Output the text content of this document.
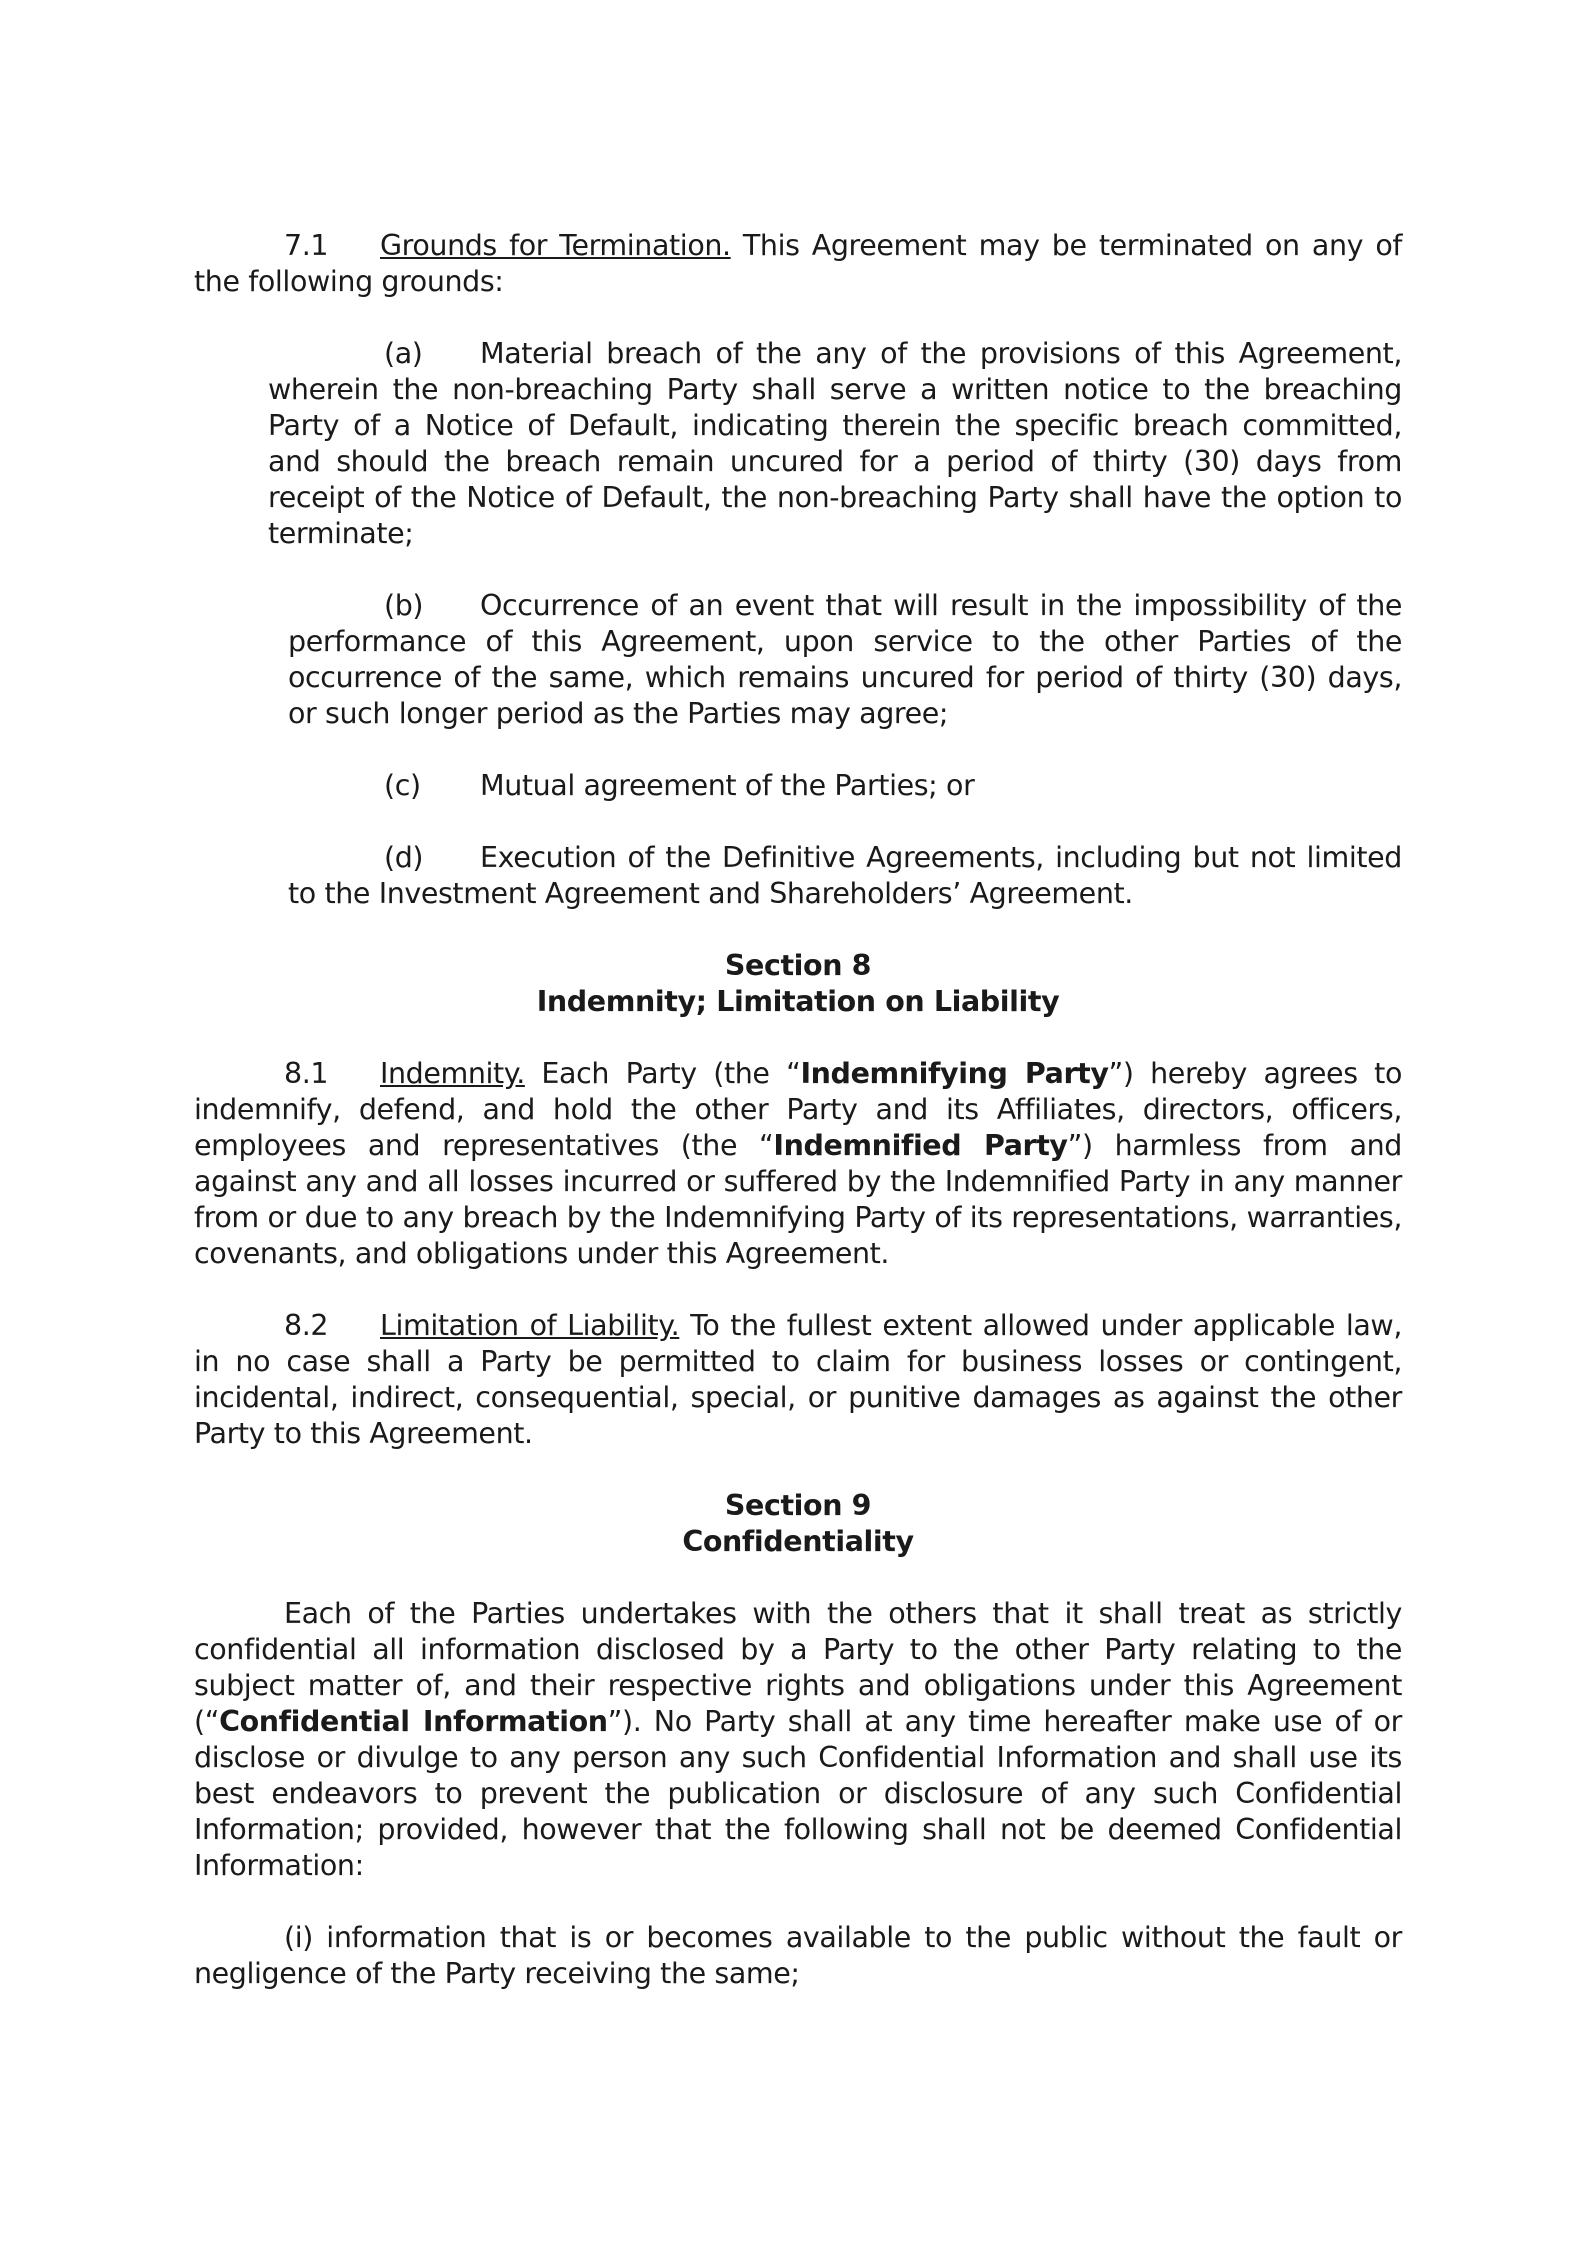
7.1 Grounds for Termination. This Agreement may be terminated on any of the following grounds:

(a) Material breach of the any of the provisions of this Agreement, wherein the non-breaching Party shall serve a written notice to the breaching Party of a Notice of Default, indicating therein the specific breach committed, and should the breach remain uncured for a period of thirty (30) days from receipt of the Notice of Default, the non-breaching Party shall have the option to terminate;

(b) Occurrence of an event that will result in the impossibility of the performance of this Agreement, upon service to the other Parties of the occurrence of the same, which remains uncured for period of thirty (30) days, or such longer period as the Parties may agree;

(c) Mutual agreement of the Parties; or

(d) Execution of the Definitive Agreements, including but not limited to the Investment Agreement and Shareholders’ Agreement.

Section 8
Indemnity; Limitation on Liability

8.1 Indemnity. Each Party (the “Indemnifying Party”) hereby agrees to indemnify, defend, and hold the other Party and its Affiliates, directors, officers, employees and representatives (the “Indemnified Party”) harmless from and against any and all losses incurred or suffered by the Indemnified Party in any manner from or due to any breach by the Indemnifying Party of its representations, warranties, covenants, and obligations under this Agreement.

8.2 Limitation of Liability. To the fullest extent allowed under applicable law, in no case shall a Party be permitted to claim for business losses or contingent, incidental, indirect, consequential, special, or punitive damages as against the other Party to this Agreement.

Section 9
Confidentiality

Each of the Parties undertakes with the others that it shall treat as strictly confidential all information disclosed by a Party to the other Party relating to the subject matter of, and their respective rights and obligations under this Agreement (“Confidential Information”). No Party shall at any time hereafter make use of or disclose or divulge to any person any such Confidential Information and shall use its best endeavors to prevent the publication or disclosure of any such Confidential Information; provided, however that the following shall not be deemed Confidential Information:

(i) information that is or becomes available to the public without the fault or negligence of the Party receiving the same;
